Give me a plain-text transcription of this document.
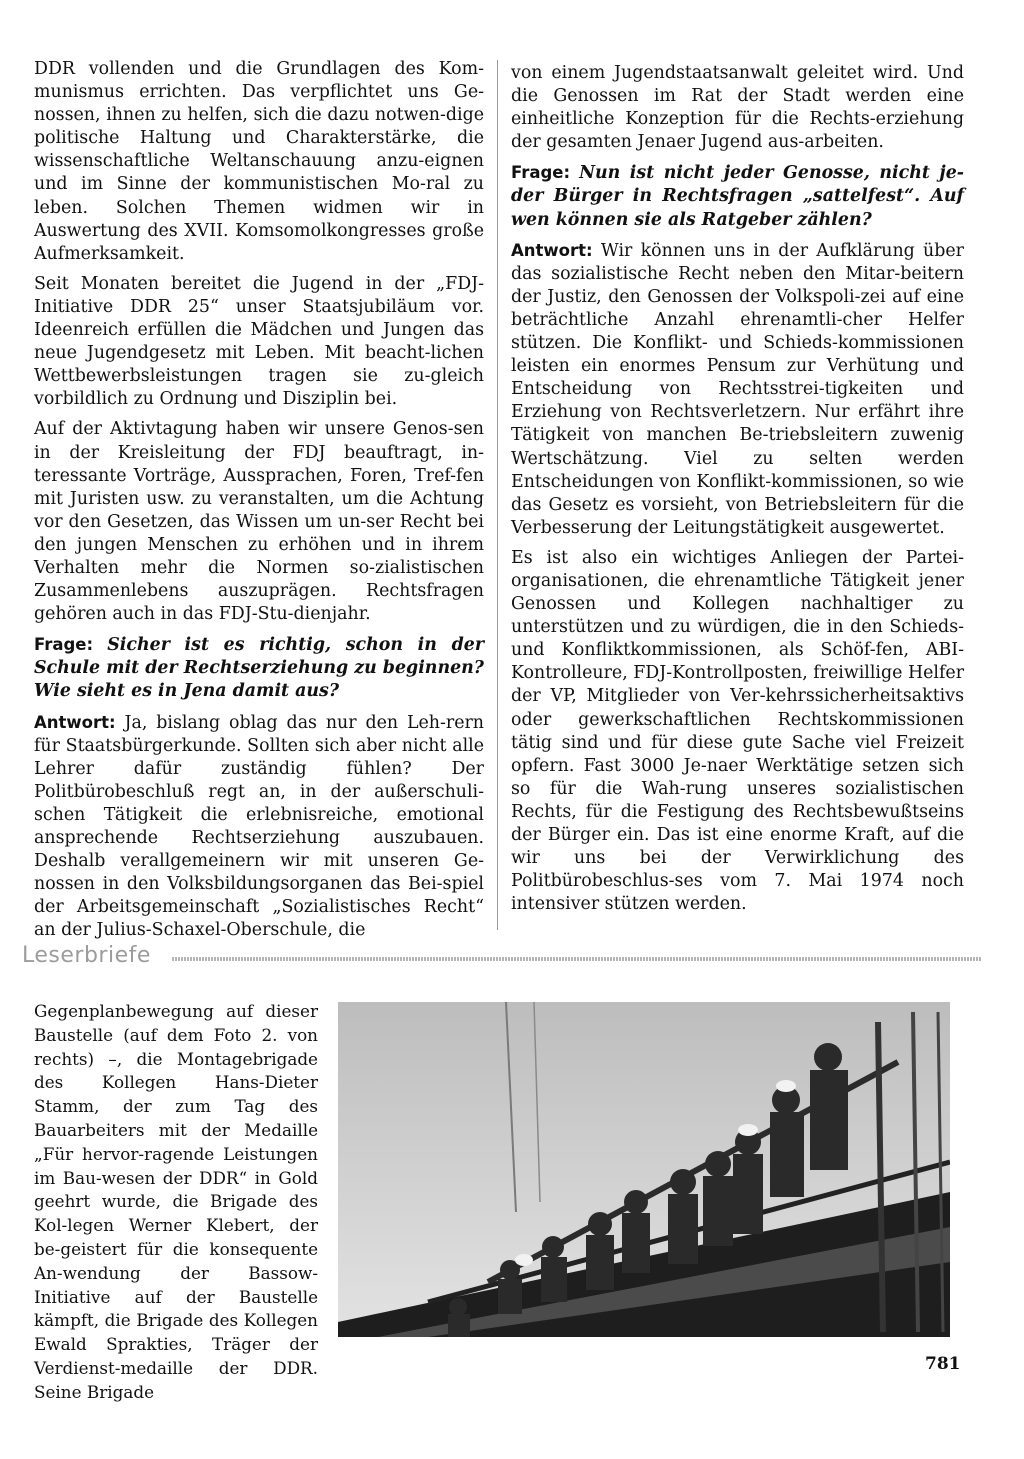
DDR vollenden und die Grundlagen des Kom-munismus errichten. Das verpflichtet uns Ge-nossen, ihnen zu helfen, sich die dazu notwen-dige politische Haltung und Charakterstärke, die wissenschaftliche Weltanschauung anzu-eignen und im Sinne der kommunistischen Mo-ral zu leben. Solchen Themen widmen wir in Auswertung des XVII. Komsomolkongresses große Aufmerksamkeit.

Seit Monaten bereitet die Jugend in der „FDJ-Initiative DDR 25“ unser Staatsjubiläum vor. Ideenreich erfüllen die Mädchen und Jungen das neue Jugendgesetz mit Leben. Mit beacht-lichen Wettbewerbsleistungen tragen sie zu-gleich vorbildlich zu Ordnung und Disziplin bei.

Auf der Aktivtagung haben wir unsere Genos-sen in der Kreisleitung der FDJ beauftragt, in-teressante Vorträge, Aussprachen, Foren, Tref-fen mit Juristen usw. zu veranstalten, um die Achtung vor den Gesetzen, das Wissen um un-ser Recht bei den jungen Menschen zu erhöhen und in ihrem Verhalten mehr die Normen so-zialistischen Zusammenlebens auszuprägen. Rechtsfragen gehören auch in das FDJ-Stu-dienjahr.

Frage: Sicher ist es richtig, schon in der Schule mit der Rechtserziehung zu beginnen? Wie sieht es in Jena damit aus?

Antwort: Ja, bislang oblag das nur den Leh-rern für Staatsbürgerkunde. Sollten sich aber nicht alle Lehrer dafür zuständig fühlen? Der Politbürobeschluß regt an, in der außerschuli-schen Tätigkeit die erlebnisreiche, emotional ansprechende Rechtserziehung auszubauen. Deshalb verallgemeinern wir mit unseren Ge-nossen in den Volksbildungsorganen das Bei-spiel der Arbeitsgemeinschaft „Sozialistisches Recht“ an der Julius-Schaxel-Oberschule, die

von einem Jugendstaatsanwalt geleitet wird. Und die Genossen im Rat der Stadt werden eine einheitliche Konzeption für die Rechts-erziehung der gesamten Jenaer Jugend aus-arbeiten.

Frage: Nun ist nicht jeder Genosse, nicht je-der Bürger in Rechtsfragen „sattelfest“. Auf wen können sie als Ratgeber zählen?

Antwort: Wir können uns in der Aufklärung über das sozialistische Recht neben den Mitar-beitern der Justiz, den Genossen der Volkspoli-zei auf eine beträchtliche Anzahl ehrenamtli-cher Helfer stützen. Die Konflikt- und Schieds-kommissionen leisten ein enormes Pensum zur Verhütung und Entscheidung von Rechtsstrei-tigkeiten und Erziehung von Rechtsverletzern. Nur erfährt ihre Tätigkeit von manchen Be-triebsleitern zuwenig Wertschätzung. Viel zu selten werden Entscheidungen von Konflikt-kommissionen, so wie das Gesetz es vorsieht, von Betriebsleitern für die Verbesserung der Leitungstätigkeit ausgewertet.

Es ist also ein wichtiges Anliegen der Partei-organisationen, die ehrenamtliche Tätigkeit jener Genossen und Kollegen nachhaltiger zu unterstützen und zu würdigen, die in den Schieds- und Konfliktkommissionen, als Schöf-fen, ABI-Kontrolleure, FDJ-Kontrollposten, freiwillige Helfer der VP, Mitglieder von Ver-kehrssicherheitsaktivs oder gewerkschaftlichen Rechtskommissionen tätig sind und für diese gute Sache viel Freizeit opfern. Fast 3000 Je-naer Werktätige setzen sich so für die Wah-rung unseres sozialistischen Rechts, für die Festigung des Rechtsbewußtseins der Bürger ein. Das ist eine enorme Kraft, auf die wir uns bei der Verwirklichung des Politbürobeschlus-ses vom 7. Mai 1974 noch intensiver stützen werden.

Leserbriefe

Gegenplanbewegung auf dieser Baustelle (auf dem Foto 2. von rechts) –, die Montagebrigade des Kollegen Hans-Dieter Stamm, der zum Tag des Bauarbeiters mit der Medaille „Für hervor-ragende Leistungen im Bau-wesen der DDR“ in Gold geehrt wurde, die Brigade des Kol-legen Werner Klebert, der be-geistert für die konsequente An-wendung der Bassow-Initiative auf der Baustelle kämpft, die Brigade des Kollegen Ewald Sprakties, Träger der Verdienst-medaille der DDR. Seine Brigade

781
